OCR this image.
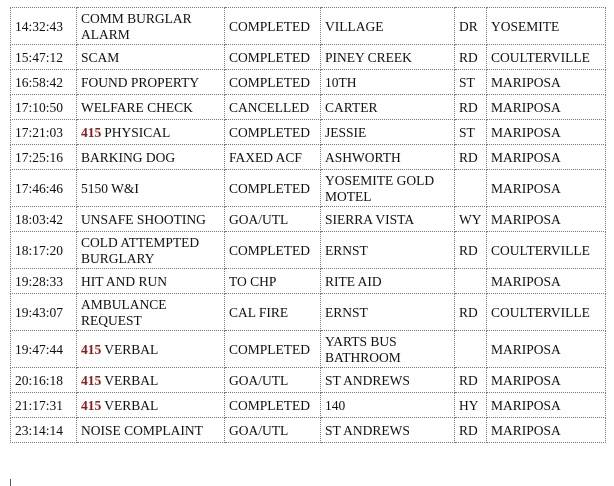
14:32:43	COMM BURGLAR ALARM	COMPLETED	VILLAGE	DR	YOSEMITE
15:47:12	SCAM	COMPLETED	PINEY CREEK	RD	COULTERVILLE
16:58:42	FOUND PROPERTY	COMPLETED	10TH	ST	MARIPOSA
17:10:50	WELFARE CHECK	CANCELLED	CARTER	RD	MARIPOSA
17:21:03	415 PHYSICAL	COMPLETED	JESSIE	ST	MARIPOSA
17:25:16	BARKING DOG	FAXED ACF	ASHWORTH	RD	MARIPOSA
17:46:46	5150 W&I	COMPLETED	YOSEMITE GOLD MOTEL		MARIPOSA
18:03:42	UNSAFE SHOOTING	GOA/UTL	SIERRA VISTA	WY	MARIPOSA
18:17:20	COLD ATTEMPTED BURGLARY	COMPLETED	ERNST	RD	COULTERVILLE
19:28:33	HIT AND RUN	TO CHP	RITE AID		MARIPOSA
19:43:07	AMBULANCE REQUEST	CAL FIRE	ERNST	RD	COULTERVILLE
19:47:44	415 VERBAL	COMPLETED	YARTS BUS BATHROOM		MARIPOSA
20:16:18	415 VERBAL	GOA/UTL	ST ANDREWS	RD	MARIPOSA
21:17:31	415 VERBAL	COMPLETED	140	HY	MARIPOSA
23:14:14	NOISE COMPLAINT	GOA/UTL	ST ANDREWS	RD	MARIPOSA
